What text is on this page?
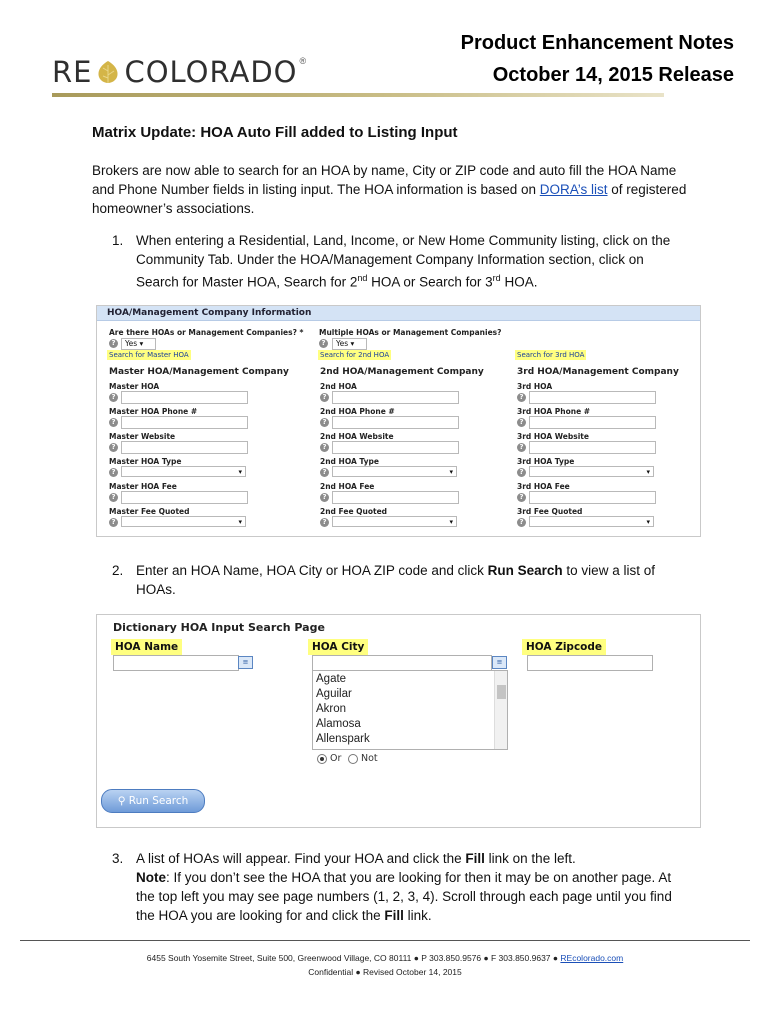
RE COLORADO ®
Product Enhancement Notes
October 14, 2015 Release
Matrix Update: HOA Auto Fill added to Listing Input
Brokers are now able to search for an HOA by name, City or ZIP code and auto fill the HOA Name and Phone Number fields in listing input. The HOA information is based on DORA’s list of registered homeowner’s associations.
1. When entering a Residential, Land, Income, or New Home Community listing, click on the Community Tab. Under the HOA/Management Company Information section, click on Search for Master HOA, Search for 2nd HOA or Search for 3rd HOA.
HOA/Management Company Information
Are there HOAs or Management Companies? *
?	Yes ▾
Multiple HOAs or Management Companies?
?	Yes ▾
Search for Master HOA	Search for 2nd HOA	Search for 3rd HOA
Master HOA/Management Company
Master HOA
?
Master HOA Phone #
?
Master Website
?
Master HOA Type
?	▾
Master HOA Fee
?
Master Fee Quoted
?	▾
2nd HOA/Management Company
2nd HOA
?
2nd HOA Phone #
?
2nd HOA Website
?
2nd HOA Type
?	▾
2nd HOA Fee
?
2nd Fee Quoted
?	▾
3rd HOA/Management Company
3rd HOA
?
3rd HOA Phone #
?
3rd HOA Website
?
3rd HOA Type
?	▾
3rd HOA Fee
?
3rd Fee Quoted
?	▾
2. Enter an HOA Name, HOA City or HOA ZIP code and click Run Search to view a list of HOAs.
Dictionary HOA Input Search Page
HOA Name
≡
HOA City
≡
HOA Zipcode
Agate
Aguilar
Akron
Alamosa
Allenspark
Or Not
⚲ Run Search
3. A list of HOAs will appear. Find your HOA and click the Fill link on the left.
Note: If you don’t see the HOA that you are looking for then it may be on another page. At the top left you may see page numbers (1, 2, 3, 4). Scroll through each page until you find the HOA you are looking for and click the Fill link.
6455 South Yosemite Street, Suite 500, Greenwood Village, CO 80111 ● P 303.850.9576 ● F 303.850.9637 ● REcolorado.com
Confidential ● Revised October 14, 2015
